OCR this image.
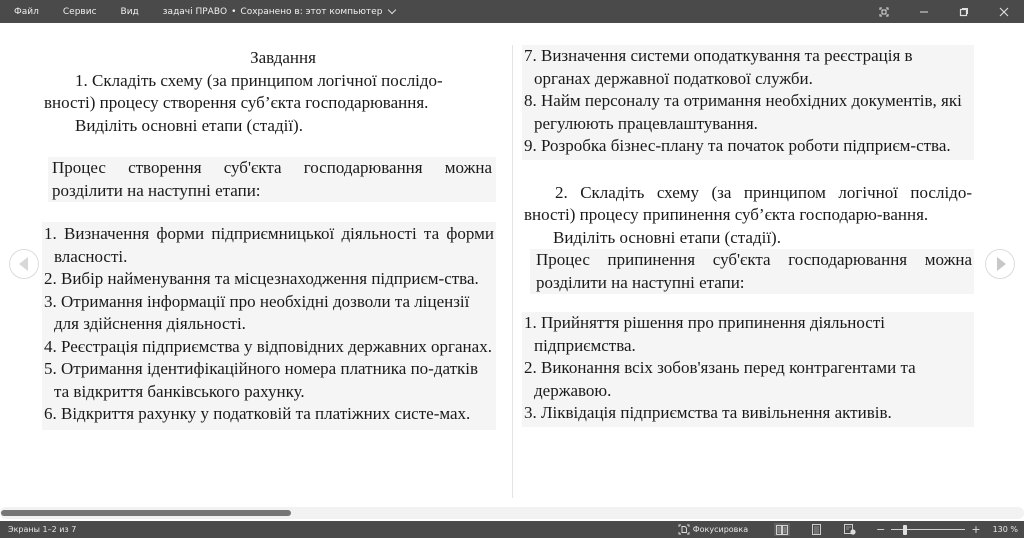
Файл	Сервис	Вид	задачі ПРАВО • Сохранено в: этот компьютер
Завдання
1. Складіть схему (за принципом логічної послідо-
вності) процесу створення суб’єкта господарювання.
Виділіть основні етапи (стадії).
Процес створення суб'єкта господарювання можна розділити на наступні етапи:
1. Визначення форми підприємницької діяльності та форми власності.
2. Вибір найменування та місцезнаходження підприєм-ства.
3. Отримання інформації про необхідні дозволи та ліцензії для здійснення діяльності.
4. Реєстрація підприємства у відповідних державних органах.
5. Отримання ідентифікаційного номера платника по-датків та відкриття банківського рахунку.
6. Відкриття рахунку у податковій та платіжних систе-мах.
7. Визначення системи оподаткування та реєстрація в органах державної податкової служби.
8. Найм персоналу та отримання необхідних документів, які регулюють працевлаштування.
9. Розробка бізнес-плану та початок роботи підприєм-ства.
2. Складіть схему (за принципом логічної послідо-вності) процесу припинення суб’єкта господарю-вання.
Виділіть основні етапи (стадії).
Процес припинення суб'єкта господарювання можна розділити на наступні етапи:
1. Прийняття рішення про припинення діяльності підприємства.
2. Виконання всіх зобов'язань перед контрагентами та державою.
3. Ліквідація підприємства та вивільнення активів.
Экраны 1–2 из 7	Фокусировка	−	+ 130 %
